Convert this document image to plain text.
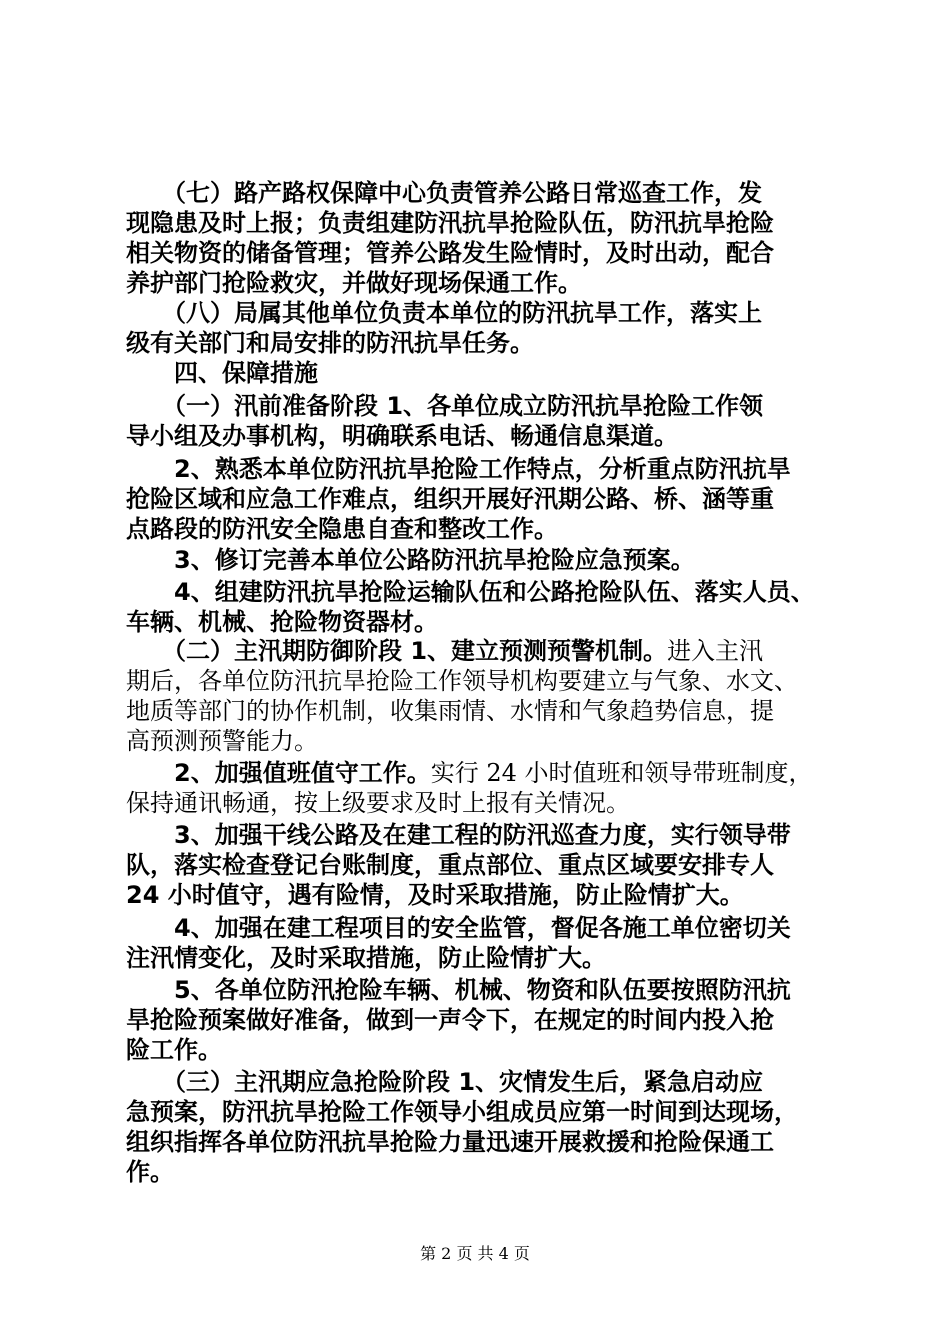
　　（七）路产路权保障中心负责管养公路日常巡查工作，发
现隐患及时上报；负责组建防汛抗旱抢险队伍，防汛抗旱抢险
相关物资的储备管理；管养公路发生险情时，及时出动，配合
养护部门抢险救灾，并做好现场保通工作。
　　（八）局属其他单位负责本单位的防汛抗旱工作，落实上
级有关部门和局安排的防汛抗旱任务。
　　四、保障措施
　　（一）汛前准备阶段 1、各单位成立防汛抗旱抢险工作领
导小组及办事机构，明确联系电话、畅通信息渠道。
　　2、熟悉本单位防汛抗旱抢险工作特点，分析重点防汛抗旱
抢险区域和应急工作难点，组织开展好汛期公路、桥、涵等重
点路段的防汛安全隐患自查和整改工作。
　　3、修订完善本单位公路防汛抗旱抢险应急预案。
　　4、组建防汛抗旱抢险运输队伍和公路抢险队伍、落实人员、
车辆、机械、抢险物资器材。
　　（二）主汛期防御阶段 1、建立预测预警机制。进入主汛
期后，各单位防汛抗旱抢险工作领导机构要建立与气象、水文、
地质等部门的协作机制，收集雨情、水情和气象趋势信息，提
高预测预警能力。
　　2、加强值班值守工作。实行 24 小时值班和领导带班制度，
保持通讯畅通，按上级要求及时上报有关情况。
　　3、加强干线公路及在建工程的防汛巡查力度，实行领导带
队，落实检查登记台账制度，重点部位、重点区域要安排专人
24 小时值守，遇有险情，及时采取措施，防止险情扩大。
　　4、加强在建工程项目的安全监管，督促各施工单位密切关
注汛情变化，及时采取措施，防止险情扩大。
　　5、各单位防汛抢险车辆、机械、物资和队伍要按照防汛抗
旱抢险预案做好准备，做到一声令下，在规定的时间内投入抢
险工作。
　　（三）主汛期应急抢险阶段 1、灾情发生后，紧急启动应
急预案，防汛抗旱抢险工作领导小组成员应第一时间到达现场，
组织指挥各单位防汛抗旱抢险力量迅速开展救援和抢险保通工
作。
第 2 页 共 4 页
